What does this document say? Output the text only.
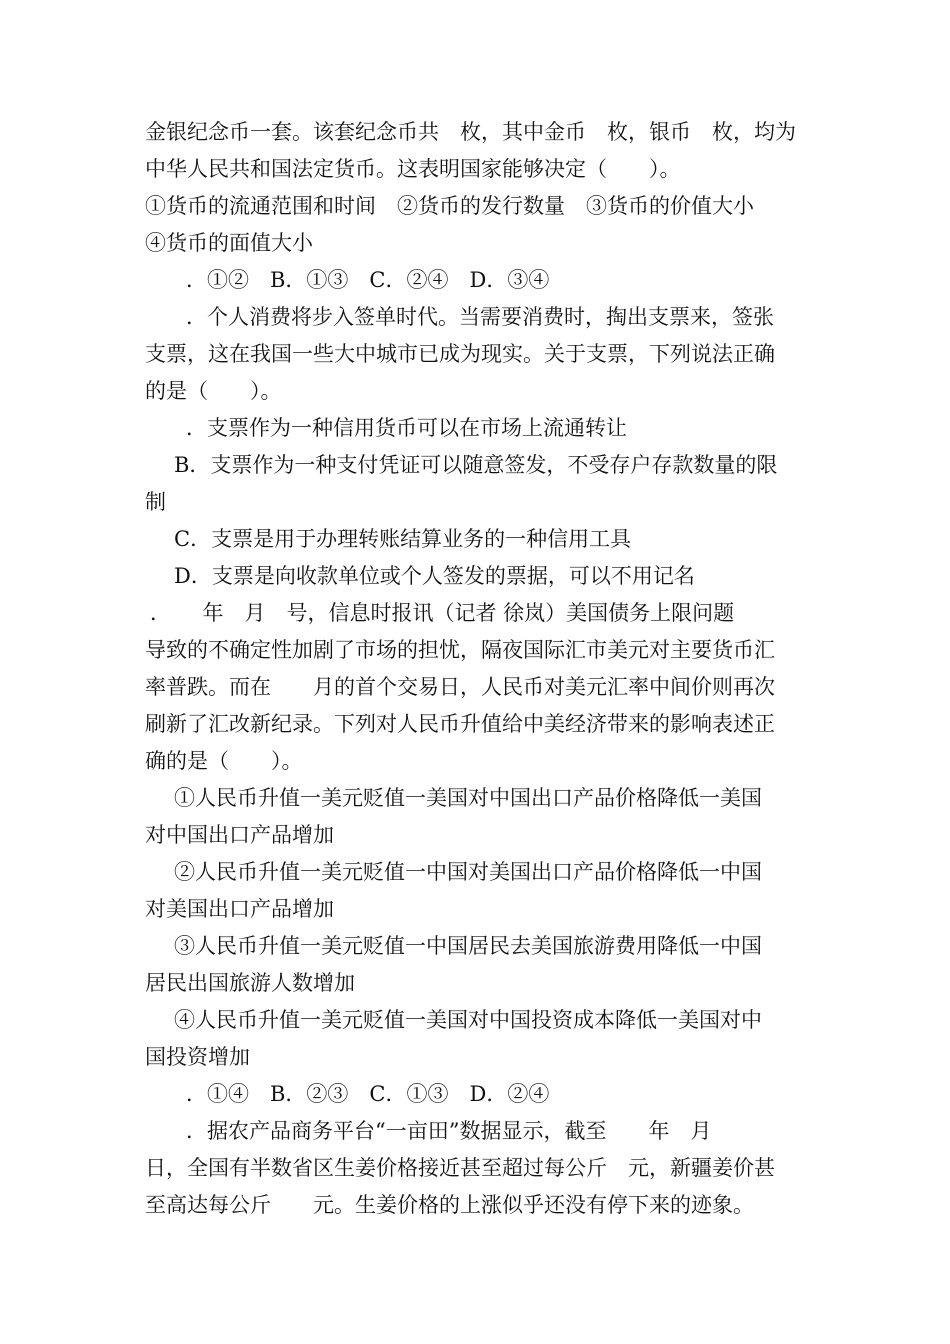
金银纪念币一套。该套纪念币共　枚，其中金币　枚，银币　枚，均为
中华人民共和国法定货币。这表明国家能够决定（　　）。
①货币的流通范围和时间　②货币的发行数量　③货币的价值大小
④货币的面值大小
．①②　B．①③　C．②④　D．③④
．个人消费将步入签单时代。当需要消费时，掏出支票来，签张
支票，这在我国一些大中城市已成为现实。关于支票，下列说法正确
的是（　　）。
．支票作为一种信用货币可以在市场上流通转让
B．支票作为一种支付凭证可以随意签发，不受存户存款数量的限
制
C．支票是用于办理转账结算业务的一种信用工具
D．支票是向收款单位或个人签发的票据，可以不用记名
．　　年　月　号，信息时报讯（记者 徐岚）美国债务上限问题
导致的不确定性加剧了市场的担忧，隔夜国际汇市美元对主要货币汇
率普跌。而在　　月的首个交易日，人民币对美元汇率中间价则再次
刷新了汇改新纪录。下列对人民币升值给中美经济带来的影响表述正
确的是（　　）。
①人民币升值一美元贬值一美国对中国出口产品价格降低一美国
对中国出口产品增加
②人民币升值一美元贬值一中国对美国出口产品价格降低一中国
对美国出口产品增加
③人民币升值一美元贬值一中国居民去美国旅游费用降低一中国
居民出国旅游人数增加
④人民币升值一美元贬值一美国对中国投资成本降低一美国对中
国投资增加
．①④　B．②③　C．①③　D．②④
．据农产品商务平台“一亩田”数据显示，截至　　年　月
日，全国有半数省区生姜价格接近甚至超过每公斤　元，新疆姜价甚
至高达每公斤　　元。生姜价格的上涨似乎还没有停下来的迹象。
